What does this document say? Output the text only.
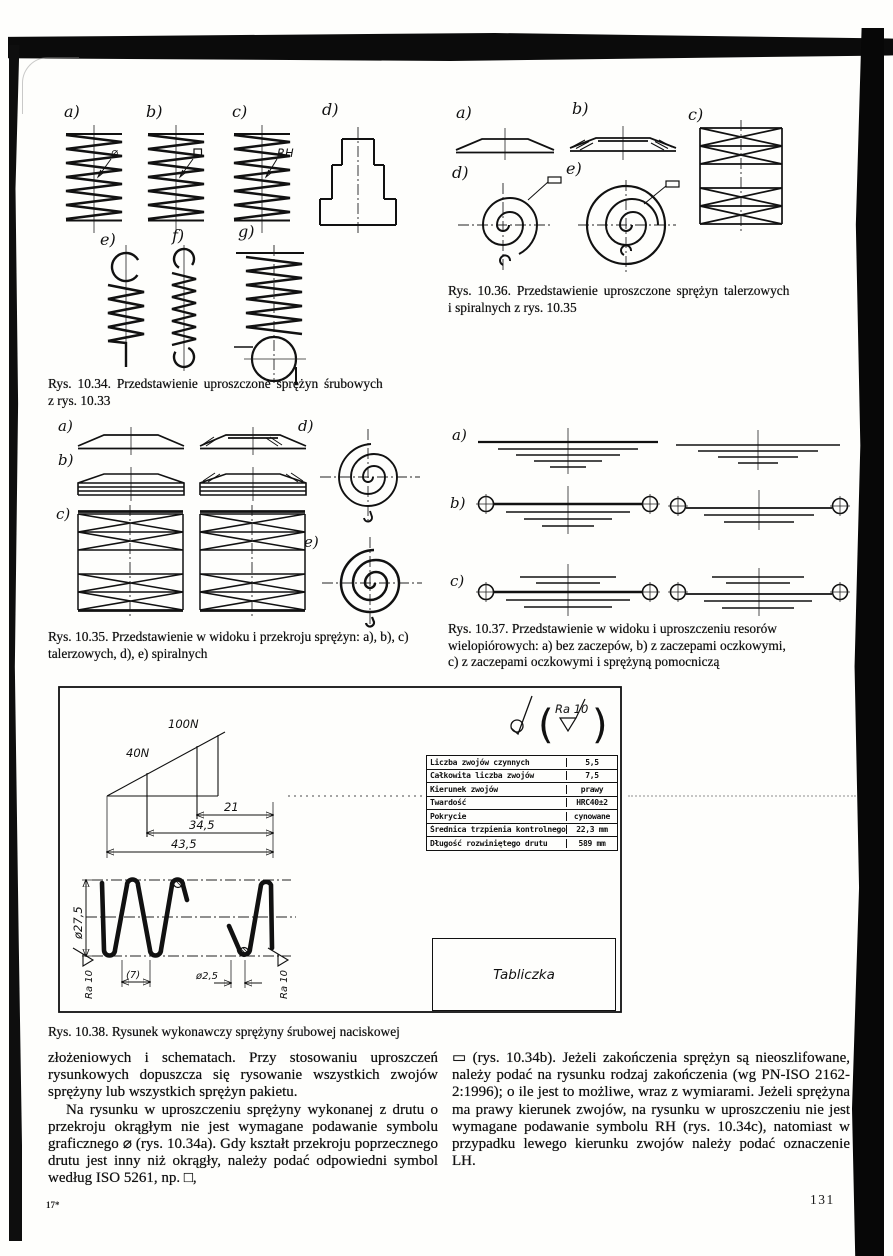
a)	b)	c)	d)
⌀	RH
e)	f)	g)
Rys. 10.34. Przedstawienie uproszczone sprężyn śrubowych
z rys. 10.33
a)	b)	c)
d)	e)
Rys. 10.36. Przedstawienie uproszczone sprężyn talerzowych
i spiralnych z rys. 10.35
a)
b)
c)
d)
e)
Rys. 10.35. Przedstawienie w widoku i przekroju sprężyn: a), b), c)
talerzowych, d), e) spiralnych
a)
b)
c)
Rys. 10.37. Przedstawienie w widoku i uproszczeniu resorów
wielopiórowych: a) bez zaczepów, b) z zaczepami oczkowymi,
c) z zaczepami oczkowymi i sprężyną pomocniczą
( Ra 10 )
100N
40N
21
34,5
43,5
ø27,5
Ra 10	(7)	ø2,5	Ra 10
Liczba zwojów czynnych	5,5
Całkowita liczba zwojów	7,5
Kierunek zwojów	prawy
Twardość	HRC40±2
Pokrycie	cynowane
Średnica trzpienia kontrolnego	22,3 mm
Długość rozwiniętego drutu	589 mm
Tabliczka
Rys. 10.38. Rysunek wykonawczy sprężyny śrubowej naciskowej

złożeniowych i schematach. Przy stosowaniu uproszczeń rysunkowych dopuszcza się rysowanie wszystkich zwojów sprężyny lub wszystkich sprężyn pakietu.

Na rysunku w uproszczeniu sprężyny wykonanej z drutu o przekroju okrągłym nie jest wymagane podawanie symbolu graficznego ⌀ (rys. 10.34a). Gdy kształt przekroju poprzecznego drutu jest inny niż okrągły, należy podać odpowiedni symbol według ISO 5261, np. □,

▭ (rys. 10.34b). Jeżeli zakończenia sprężyn są nieoszlifowane, należy podać na rysunku rodzaj zakończenia (wg PN-ISO 2162-2:1996); o ile jest to możliwe, wraz z wymiarami. Jeżeli sprężyna ma prawy kierunek zwojów, na rysunku w uproszczeniu nie jest wymagane podawanie symbolu RH (rys. 10.34c), natomiast w przypadku lewego kierunku zwojów należy podać oznaczenie LH.

17*	131
